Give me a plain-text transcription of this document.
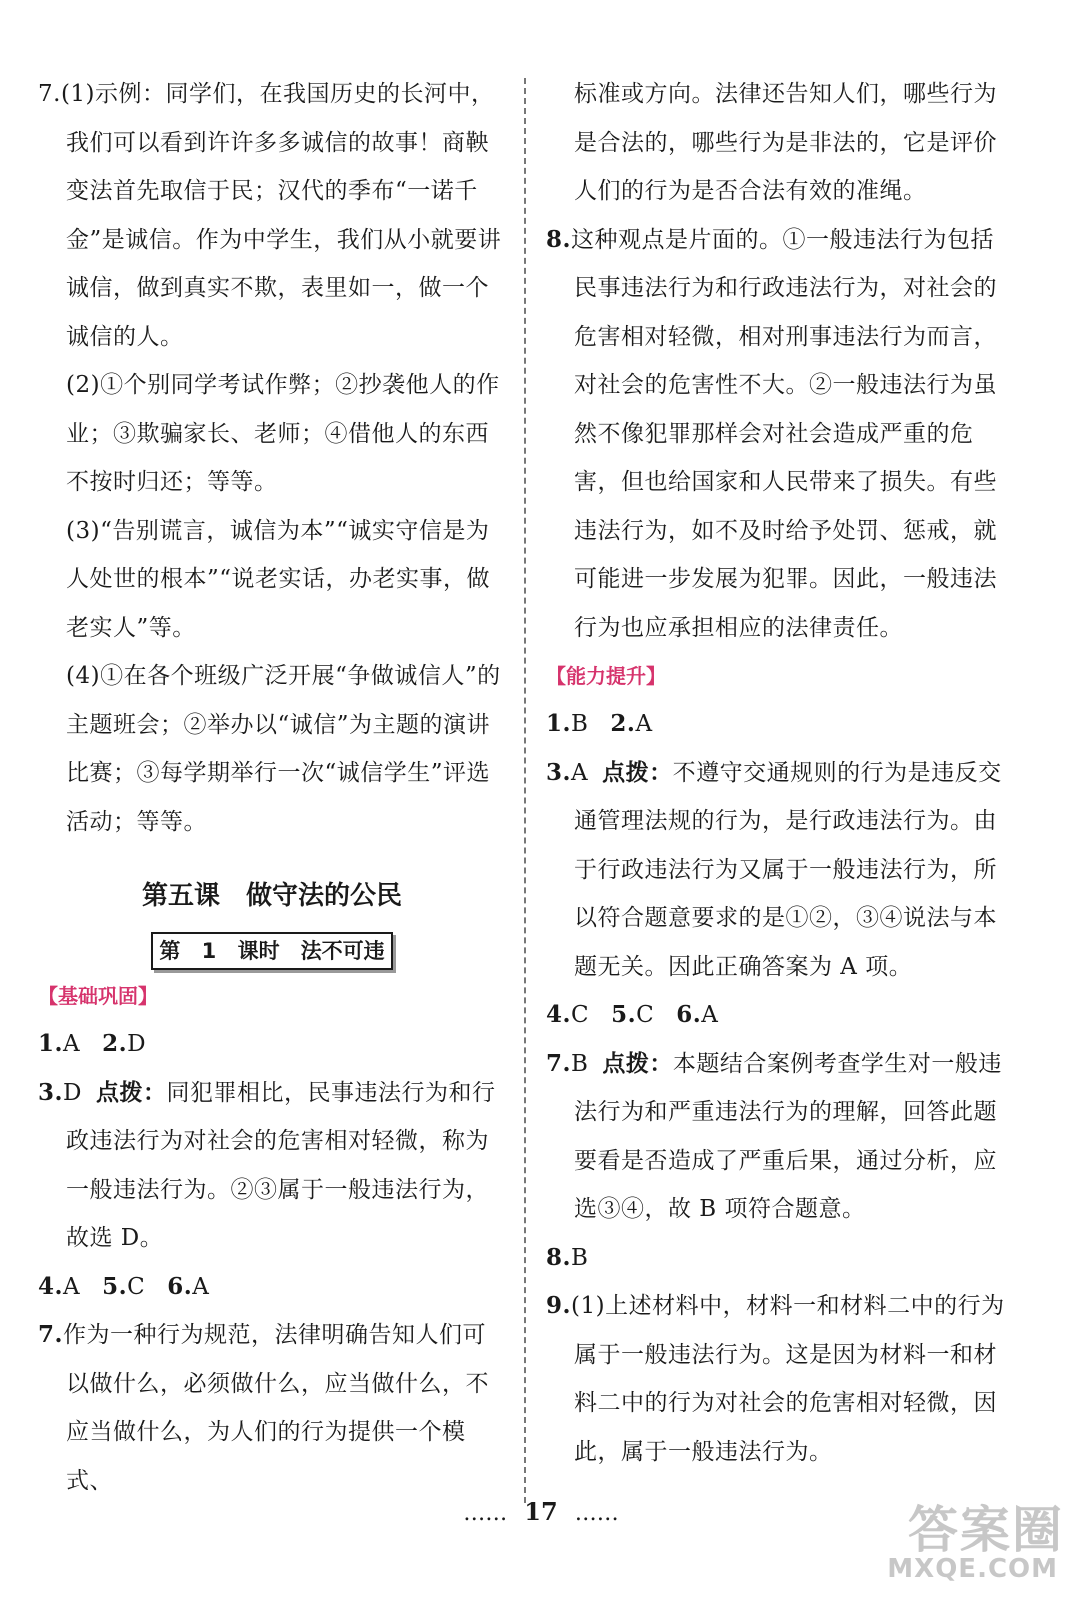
7.(1)示例：同学们，在我国历史的长河中，我们可以看到许许多多诚信的故事！商鞅变法首先取信于民；汉代的季布“一诺千金”是诚信。作为中学生，我们从小就要讲诚信，做到真实不欺，表里如一，做一个诚信的人。

(2)①个别同学考试作弊；②抄袭他人的作业；③欺骗家长、老师；④借他人的东西不按时归还；等等。

(3)“告别谎言，诚信为本”“诚实守信是为人处世的根本”“说老实话，办老实事，做老实人”等。

(4)①在各个班级广泛开展“争做诚信人”的主题班会；②举办以“诚信”为主题的演讲比赛；③每学期举行一次“诚信学生”评选活动；等等。

第五课　做守法的公民
第 1 课时　法不可违

【基础巩固】

1.A 2.D

3.D 点拨：同犯罪相比，民事违法行为和行政违法行为对社会的危害相对轻微，称为一般违法行为。②③属于一般违法行为，故选 D。

4.A 5.C 6.A

7.作为一种行为规范，法律明确告知人们可以做什么，必须做什么，应当做什么，不应当做什么，为人们的行为提供一个模式、

标准或方向。法律还告知人们，哪些行为是合法的，哪些行为是非法的，它是评价人们的行为是否合法有效的准绳。

8.这种观点是片面的。①一般违法行为包括民事违法行为和行政违法行为，对社会的危害相对轻微，相对刑事违法行为而言，对社会的危害性不大。②一般违法行为虽然不像犯罪那样会对社会造成严重的危害，但也给国家和人民带来了损失。有些违法行为，如不及时给予处罚、惩戒，就可能进一步发展为犯罪。因此，一般违法行为也应承担相应的法律责任。

【能力提升】

1.B 2.A

3.A 点拨：不遵守交通规则的行为是违反交通管理法规的行为，是行政违法行为。由于行政违法行为又属于一般违法行为，所以符合题意要求的是①②，③④说法与本题无关。因此正确答案为 A 项。

4.C 5.C 6.A

7.B 点拨：本题结合案例考查学生对一般违法行为和严重违法行为的理解，回答此题要看是否造成了严重后果，通过分析，应选③④，故 B 项符合题意。

8.B

9.(1)上述材料中，材料一和材料二中的行为属于一般违法行为。这是因为材料一和材料二中的行为对社会的危害相对轻微，因此，属于一般违法行为。

…… 17 ……	答案圈
MXQE.COM
